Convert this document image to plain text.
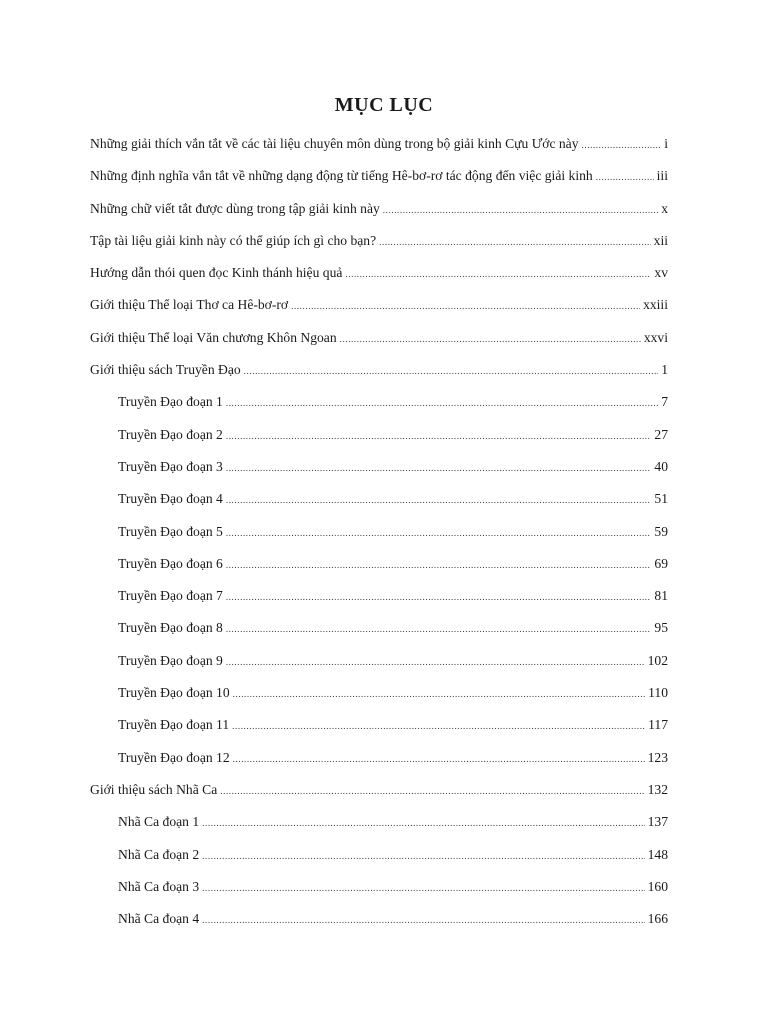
MỤC LỤC
Những giải thích vắn tắt về các tài liệu chuyên môn dùng trong bộ giải kinh Cựu Ước này .....	i
Những định nghĩa vắn tắt về những dạng động từ tiếng Hê-bơ-rơ tác động đến việc giải kinh .....	iii
Những chữ viết tắt được dùng trong tập giải kinh này .....	x
Tập tài liệu giải kinh này có thể giúp ích gì cho bạn? .....	xii
Hướng dẫn thói quen đọc Kinh thánh hiệu quả .....	xv
Giới thiệu Thể loại Thơ ca Hê-bơ-rơ .....	xxiii
Giới thiệu Thể loại Văn chương Khôn Ngoan .....	xxvi
Giới thiệu sách Truyền Đạo .....	1
Truyền Đạo đoạn 1 .....	7
Truyền Đạo đoạn 2 .....	27
Truyền Đạo đoạn 3 .....	40
Truyền Đạo đoạn 4 .....	51
Truyền Đạo đoạn 5 .....	59
Truyền Đạo đoạn 6 .....	69
Truyền Đạo đoạn 7 .....	81
Truyền Đạo đoạn 8 .....	95
Truyền Đạo đoạn 9 .....	102
Truyền Đạo đoạn 10 .....	110
Truyền Đạo đoạn 11 .....	117
Truyền Đạo đoạn 12 .....	123
Giới thiệu sách Nhã Ca .....	132
Nhã Ca đoạn 1 .....	137
Nhã Ca đoạn 2 .....	148
Nhã Ca đoạn 3 .....	160
Nhã Ca đoạn 4 .....	166
